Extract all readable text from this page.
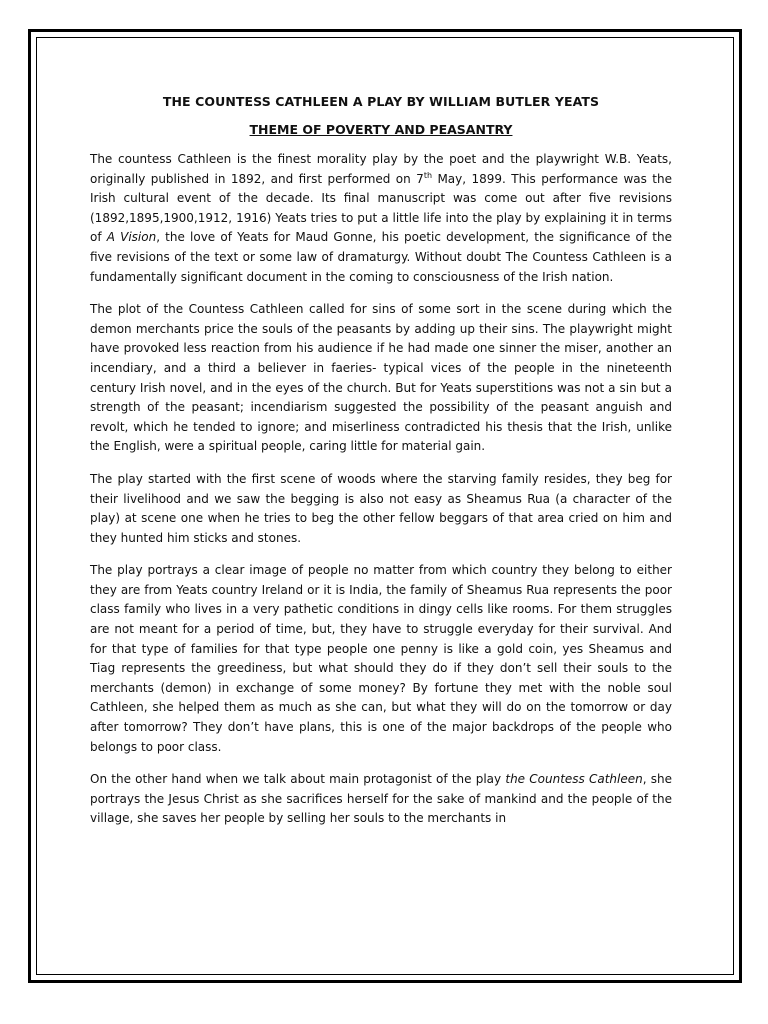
THE COUNTESS CATHLEEN A PLAY BY WILLIAM BUTLER YEATS
THEME OF POVERTY AND PEASANTRY

The countess Cathleen is the finest morality play by the poet and the playwright W.B. Yeats, originally published in 1892, and first performed on 7th May, 1899. This performance was the Irish cultural event of the decade. Its final manuscript was come out after five revisions (1892,1895,1900,1912, 1916) Yeats tries to put a little life into the play by explaining it in terms of A Vision, the love of Yeats for Maud Gonne, his poetic development, the significance of the five revisions of the text or some law of dramaturgy. Without doubt The Countess Cathleen is a fundamentally significant document in the coming to consciousness of the Irish nation.

The plot of the Countess Cathleen called for sins of some sort in the scene during which the demon merchants price the souls of the peasants by adding up their sins. The playwright might have provoked less reaction from his audience if he had made one sinner the miser, another an incendiary, and a third a believer in faeries- typical vices of the people in the nineteenth century Irish novel, and in the eyes of the church. But for Yeats superstitions was not a sin but a strength of the peasant; incendiarism suggested the possibility of the peasant anguish and revolt, which he tended to ignore; and miserliness contradicted his thesis that the Irish, unlike the English, were a spiritual people, caring little for material gain.

The play started with the first scene of woods where the starving family resides, they beg for their livelihood and we saw the begging is also not easy as Sheamus Rua (a character of the play) at scene one when he tries to beg the other fellow beggars of that area cried on him and they hunted him sticks and stones.

The play portrays a clear image of people no matter from which country they belong to either they are from Yeats country Ireland or it is India, the family of Sheamus Rua represents the poor class family who lives in a very pathetic conditions in dingy cells like rooms. For them struggles are not meant for a period of time, but, they have to struggle everyday for their survival. And for that type of families for that type people one penny is like a gold coin, yes Sheamus and Tiag represents the greediness, but what should they do if they don’t sell their souls to the merchants (demon) in exchange of some money? By fortune they met with the noble soul Cathleen, she helped them as much as she can, but what they will do on the tomorrow or day after tomorrow? They don’t have plans, this is one of the major backdrops of the people who belongs to poor class.

On the other hand when we talk about main protagonist of the play the Countess Cathleen, she portrays the Jesus Christ as she sacrifices herself for the sake of mankind and the people of the village, she saves her people by selling her souls to the merchants in
